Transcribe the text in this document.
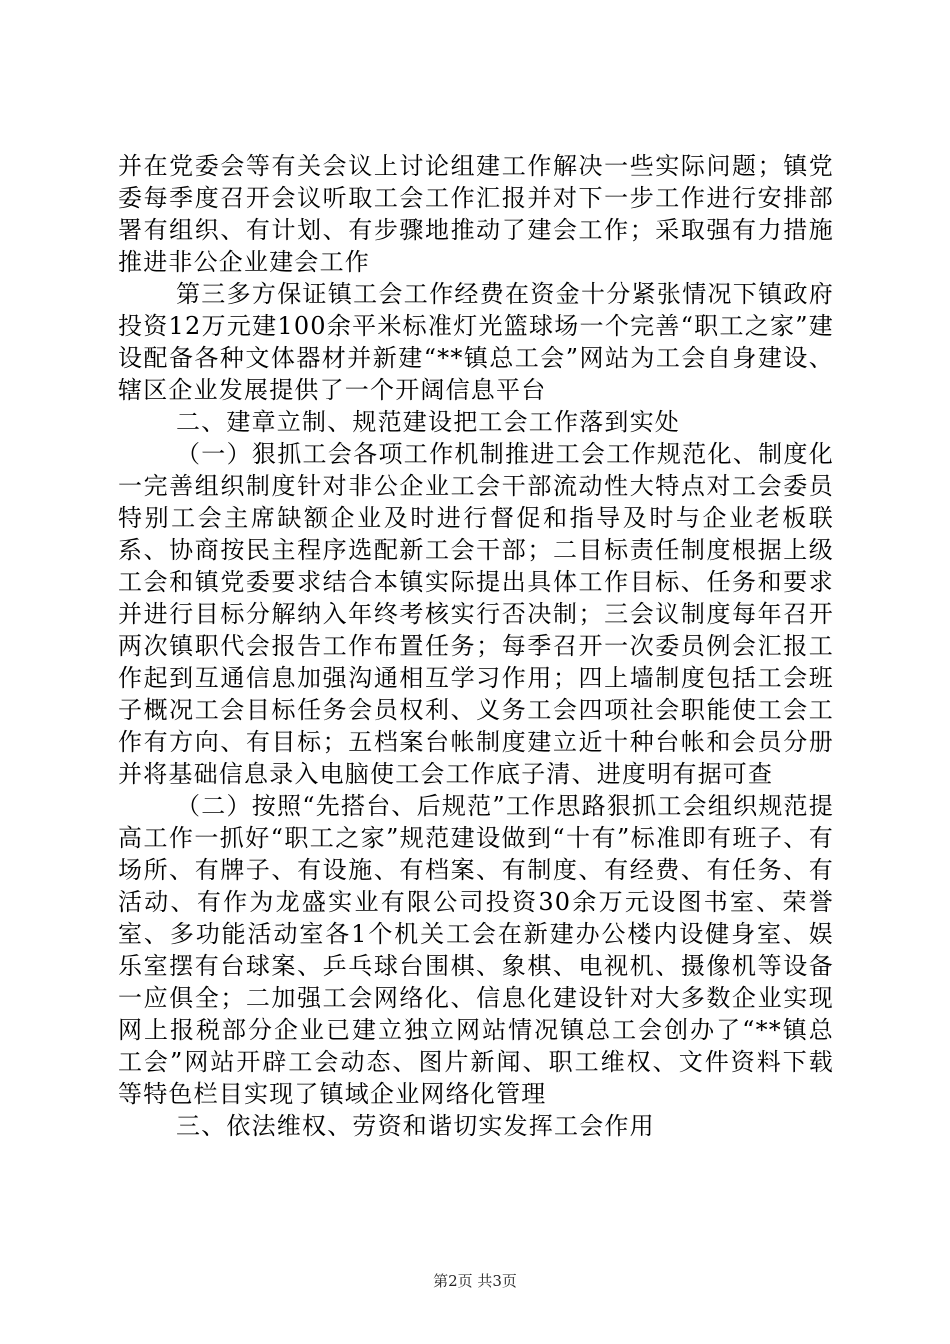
并在党委会等有关会议上讨论组建工作解决一些实际问题；镇党委每季度召开会议听取工会工作汇报并对下一步工作进行安排部署有组织、有计划、有步骤地推动了建会工作；采取强有力措施推进非公企业建会工作

第三多方保证镇工会工作经费在资金十分紧张情况下镇政府投资12万元建100余平米标准灯光篮球场一个完善“职工之家”建设配备各种文体器材并新建“**镇总工会”网站为工会自身建设、辖区企业发展提供了一个开阔信息平台

二、建章立制、规范建设把工会工作落到实处

（一）狠抓工会各项工作机制推进工会工作规范化、制度化一完善组织制度针对非公企业工会干部流动性大特点对工会委员特别工会主席缺额企业及时进行督促和指导及时与企业老板联系、协商按民主程序选配新工会干部；二目标责任制度根据上级工会和镇党委要求结合本镇实际提出具体工作目标、任务和要求并进行目标分解纳入年终考核实行否决制；三会议制度每年召开两次镇职代会报告工作布置任务；每季召开一次委员例会汇报工作起到互通信息加强沟通相互学习作用；四上墙制度包括工会班子概况工会目标任务会员权利、义务工会四项社会职能使工会工作有方向、有目标；五档案台帐制度建立近十种台帐和会员分册并将基础信息录入电脑使工会工作底子清、进度明有据可查

（二）按照“先搭台、后规范”工作思路狠抓工会组织规范提高工作一抓好“职工之家”规范建设做到“十有”标准即有班子、有场所、有牌子、有设施、有档案、有制度、有经费、有任务、有活动、有作为龙盛实业有限公司投资30余万元设图书室、荣誉室、多功能活动室各1个机关工会在新建办公楼内设健身室、娱乐室摆有台球案、乒乓球台围棋、象棋、电视机、摄像机等设备一应俱全；二加强工会网络化、信息化建设针对大多数企业实现网上报税部分企业已建立独立网站情况镇总工会创办了“**镇总工会”网站开辟工会动态、图片新闻、职工维权、文件资料下载等特色栏目实现了镇域企业网络化管理

三、依法维权、劳资和谐切实发挥工会作用

第2页 共3页
